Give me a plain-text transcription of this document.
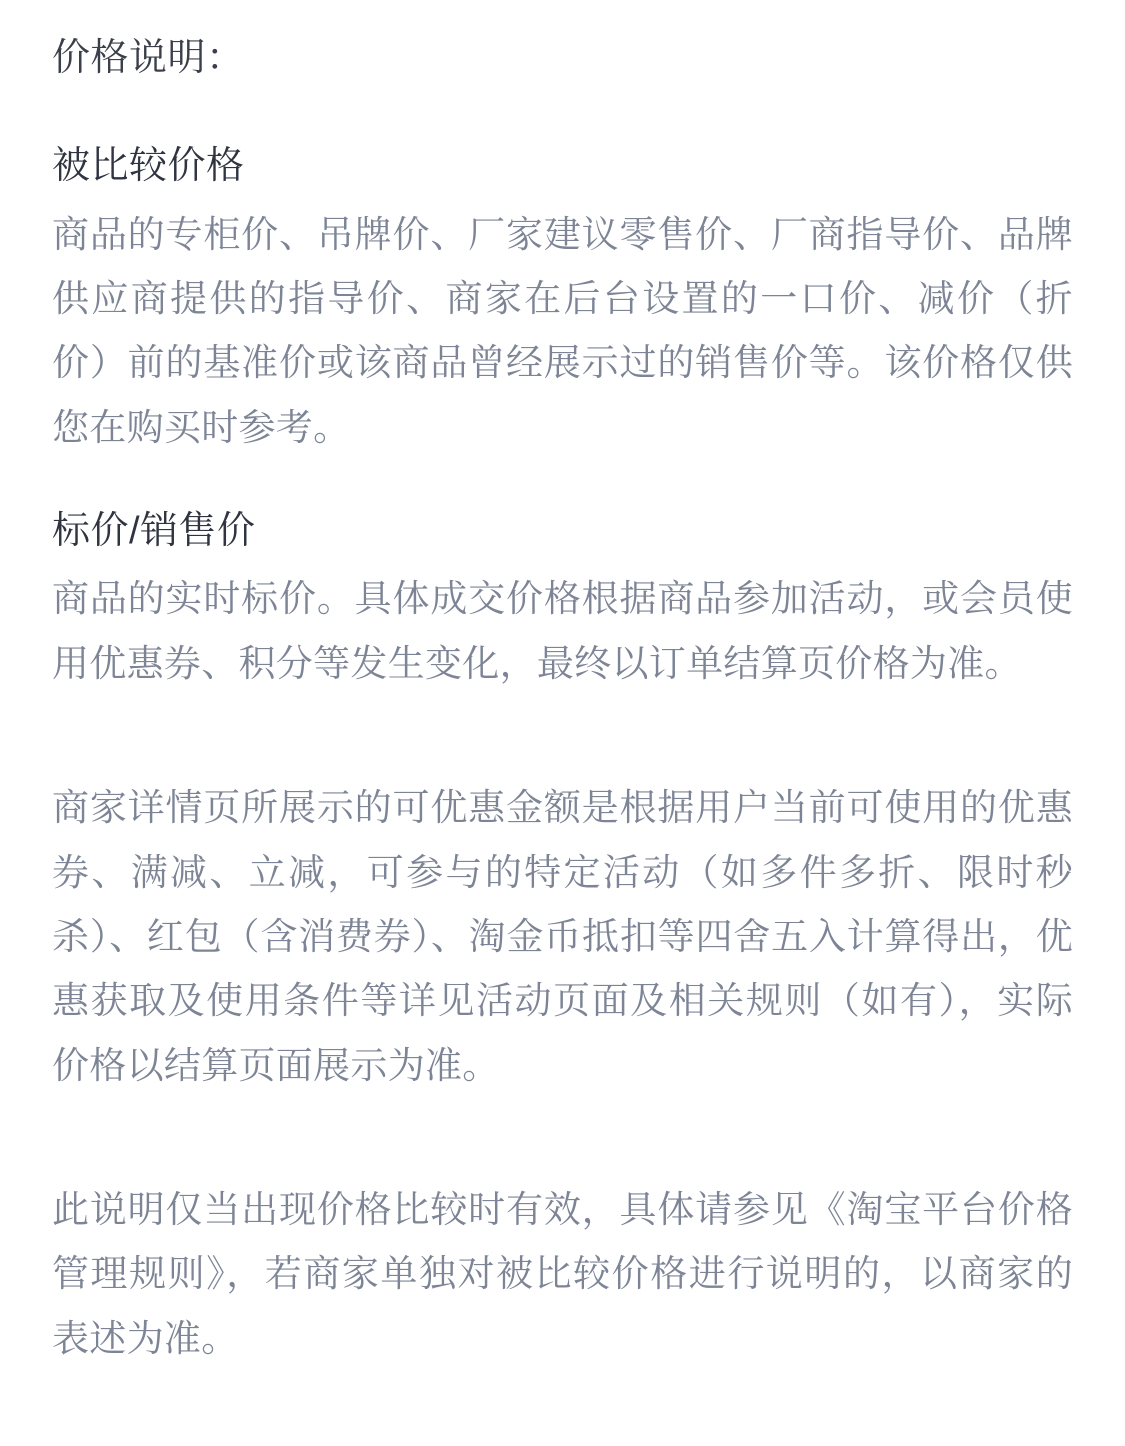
价格说明：
被比较价格

商品的专柜价、吊牌价、厂家建议零售价、厂商指导价、品牌供应商提供的指导价、商家在后台设置的一口价、减价（折价）前的基准价或该商品曾经展示过的销售价等。该价格仅供您在购买时参考。

标价/销售价

商品的实时标价。具体成交价格根据商品参加活动，或会员使用优惠券、积分等发生变化，最终以订单结算页价格为准。

商家详情页所展示的可优惠金额是根据用户当前可使用的优惠券、满减、立减，可参与的特定活动（如多件多折、限时秒杀）、红包（含消费券）、淘金币抵扣等四舍五入计算得出，优惠获取及使用条件等详见活动页面及相关规则（如有），实际价格以结算页面展示为准。

此说明仅当出现价格比较时有效，具体请参见《淘宝平台价格管理规则》，若商家单独对被比较价格进行说明的，以商家的表述为准。
